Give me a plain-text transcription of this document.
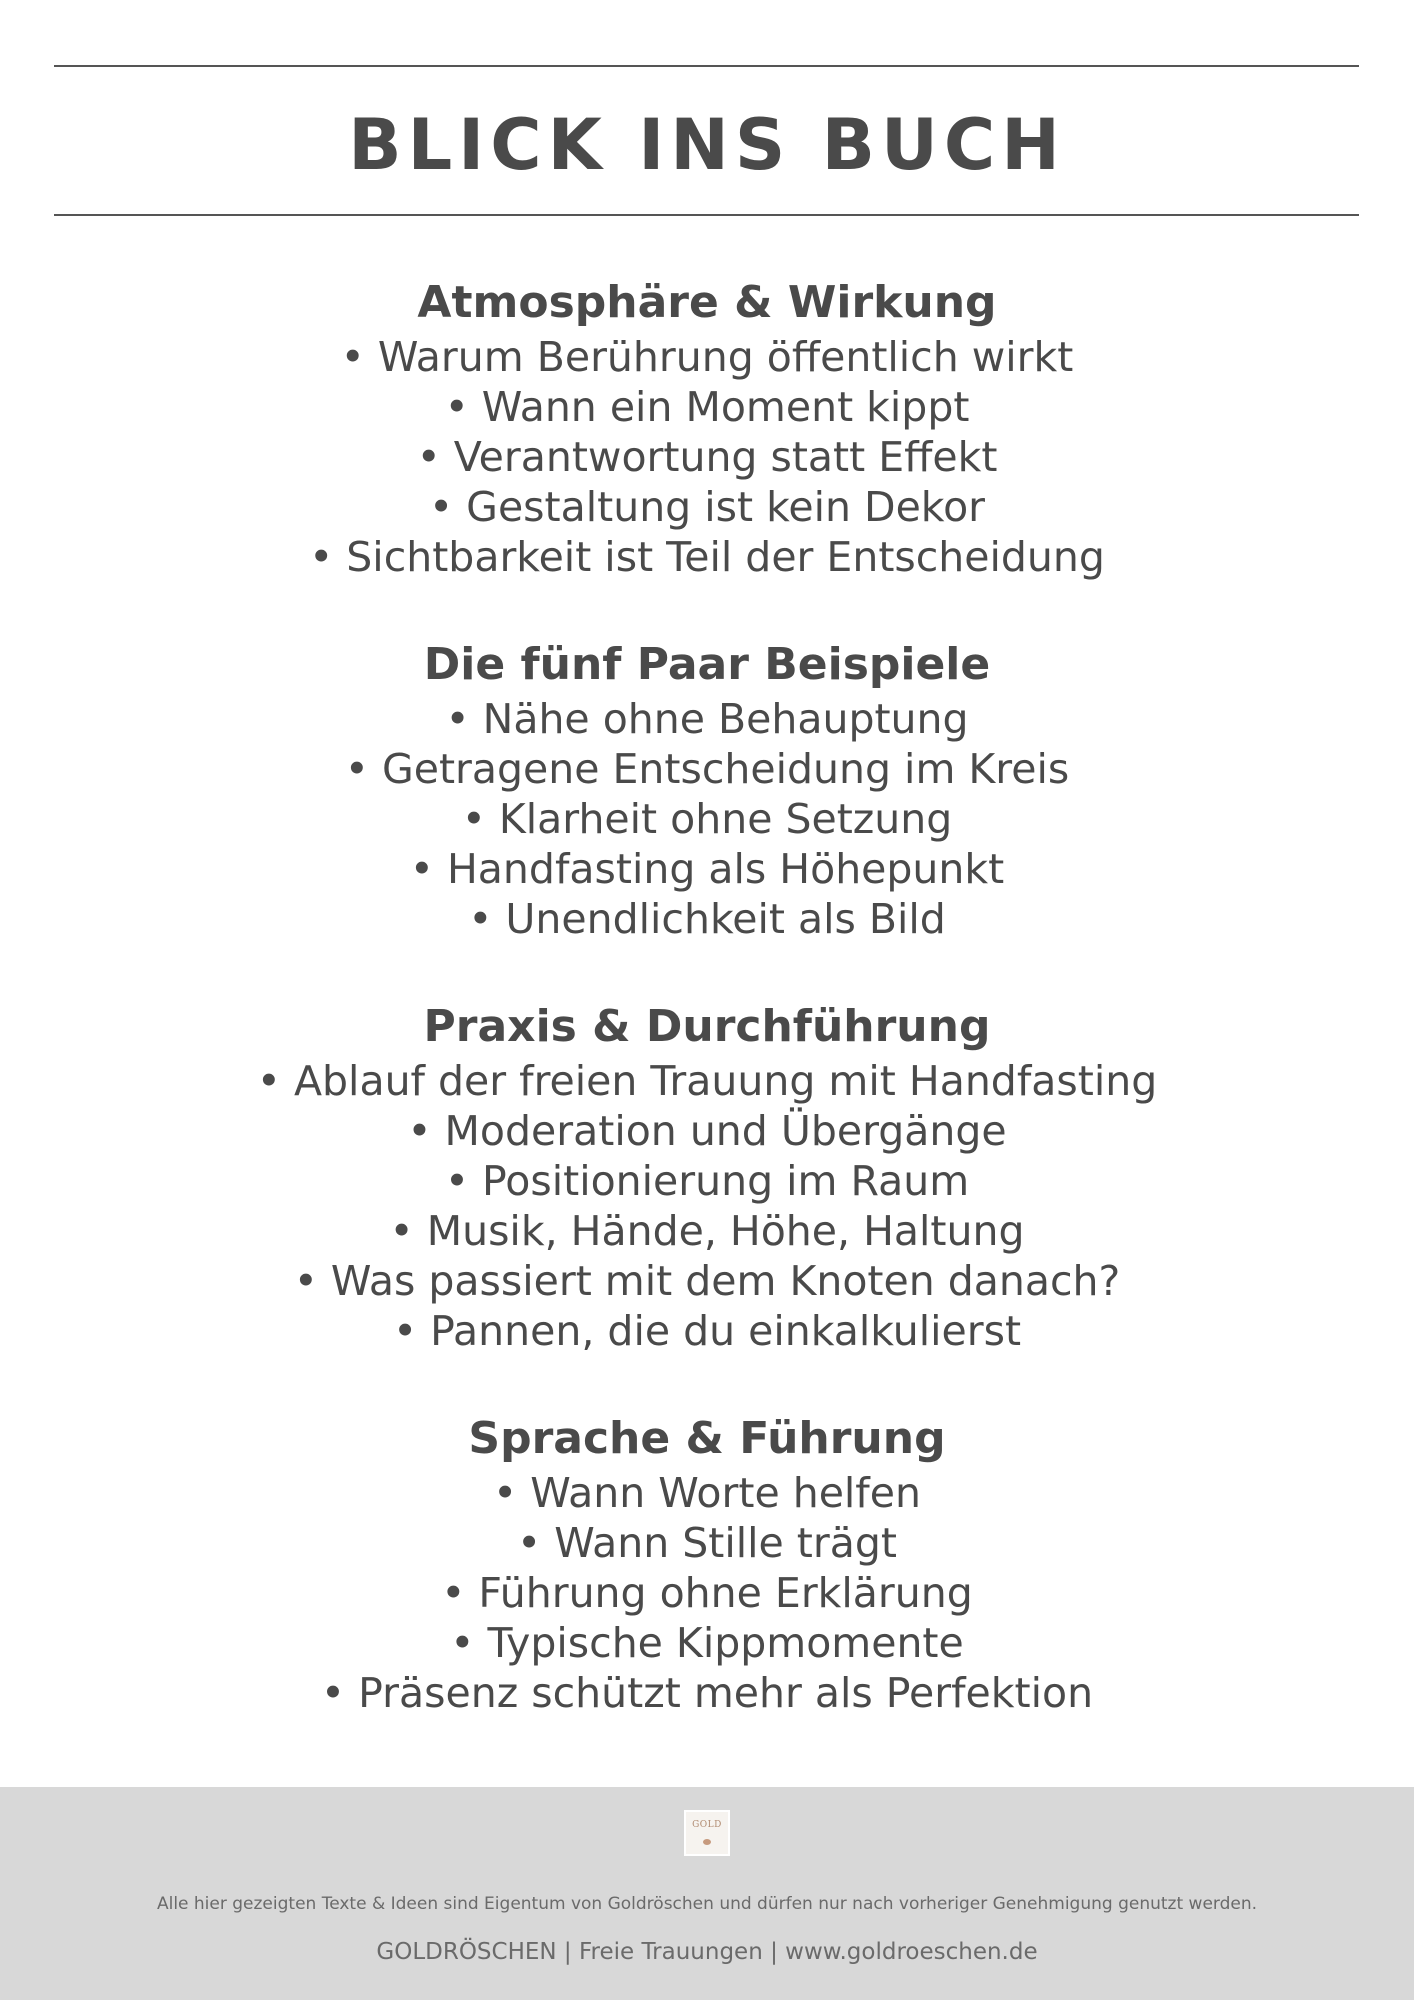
BLICK INS BUCH
Atmosphäre & Wirkung
• Warum Berührung öffentlich wirkt
• Wann ein Moment kippt
• Verantwortung statt Effekt
• Gestaltung ist kein Dekor
• Sichtbarkeit ist Teil der Entscheidung
Die fünf Paar Beispiele
• Nähe ohne Behauptung
• Getragene Entscheidung im Kreis
• Klarheit ohne Setzung
• Handfasting als Höhepunkt
• Unendlichkeit als Bild
Praxis & Durchführung
• Ablauf der freien Trauung mit Handfasting
• Moderation und Übergänge
• Positionierung im Raum
• Musik, Hände, Höhe, Haltung
• Was passiert mit dem Knoten danach?
• Pannen, die du einkalkulierst
Sprache & Führung
• Wann Worte helfen
• Wann Stille trägt
• Führung ohne Erklärung
• Typische Kippmomente
• Präsenz schützt mehr als Perfektion
GOLD
Alle hier gezeigten Texte & Ideen sind Eigentum von Goldröschen und dürfen nur nach vorheriger Genehmigung genutzt werden.
GOLDRÖSCHEN | Freie Trauungen | www.goldroeschen.de
